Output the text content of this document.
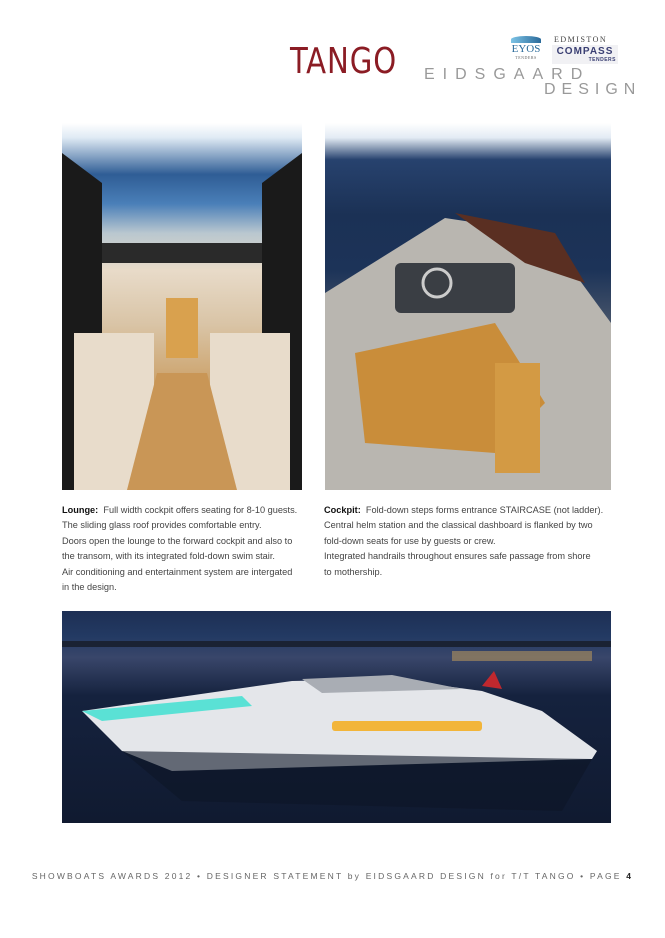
TANGO	EYOS
TENDERS
EDMISTON
COMPASS
TENDERS
EIDSGAARD
DESIGN
Lounge: Full width cockpit offers seating for 8-10 guests.
The sliding glass roof provides comfortable entry.
Doors open the lounge to the forward cockpit and also to
the transom, with its integrated fold-down swim stair.
Air conditioning and entertainment system are intergated
in the design.
Cockpit: Fold-down steps forms entrance STAIRCASE (not ladder).
Central helm station and the classical dashboard is flanked by two
fold-down seats for use by guests or crew.
Integrated handrails throughout ensures safe passage from shore
to mothership.
SHOWBOATS AWARDS 2012 • DESIGNER STATEMENT by EIDSGAARD DESIGN for T/T TANGO • PAGE 4
